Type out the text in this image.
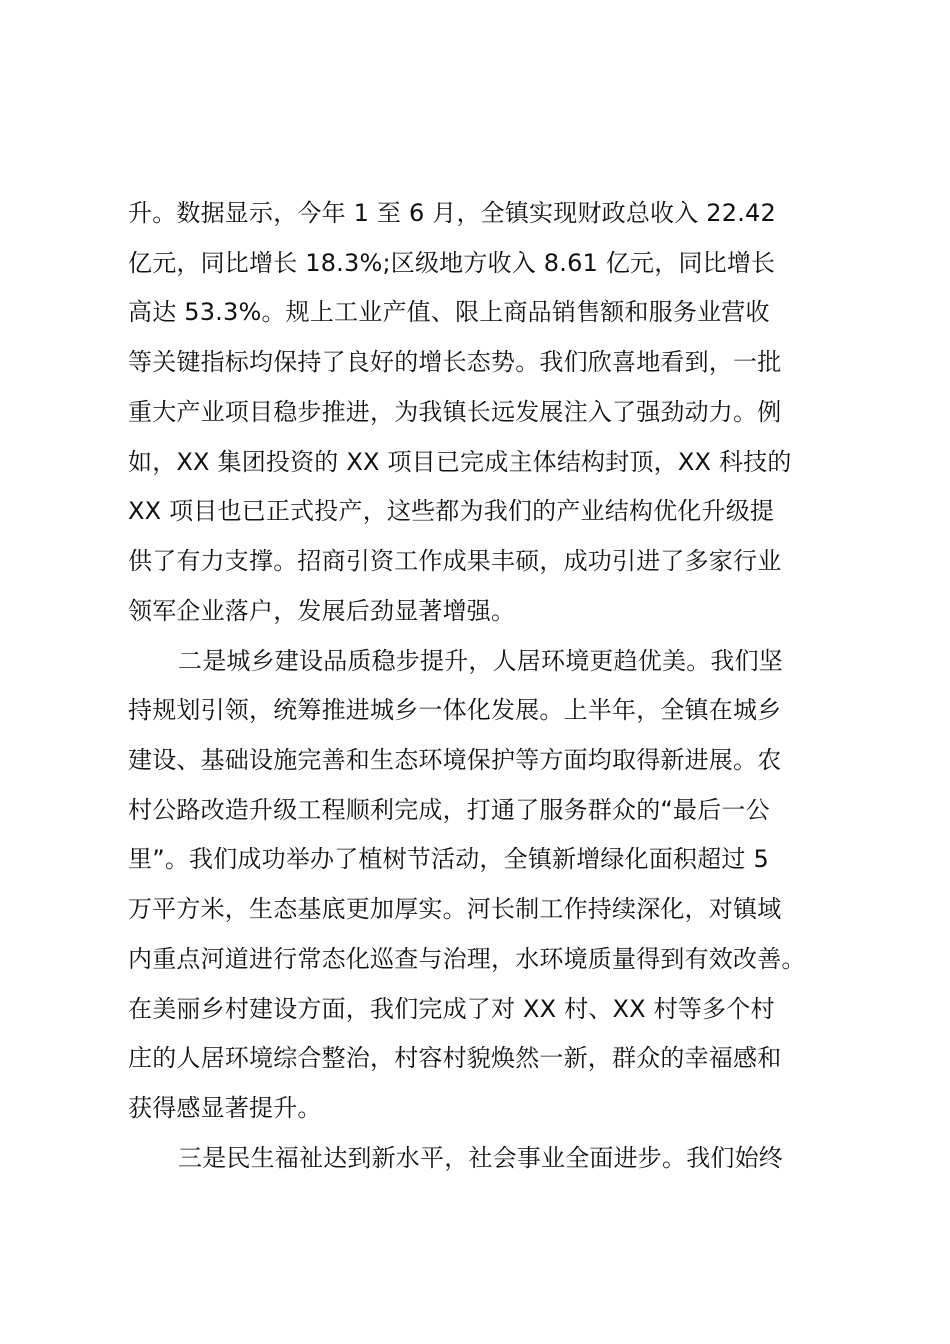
升。数据显示，今年 1 至 6 月，全镇实现财政总收入 22.42
亿元，同比增长 18.3%;区级地方收入 8.61 亿元，同比增长
高达 53.3%。规上工业产值、限上商品销售额和服务业营收
等关键指标均保持了良好的增长态势。我们欣喜地看到，一批
重大产业项目稳步推进，为我镇长远发展注入了强劲动力。例
如，XX 集团投资的 XX 项目已完成主体结构封顶，XX 科技的
XX 项目也已正式投产，这些都为我们的产业结构优化升级提
供了有力支撑。招商引资工作成果丰硕，成功引进了多家行业
领军企业落户，发展后劲显著增强。
二是城乡建设品质稳步提升，人居环境更趋优美。我们坚
持规划引领，统筹推进城乡一体化发展。上半年，全镇在城乡
建设、基础设施完善和生态环境保护等方面均取得新进展。农
村公路改造升级工程顺利完成，打通了服务群众的“最后一公
里”。我们成功举办了植树节活动，全镇新增绿化面积超过 5
万平方米，生态基底更加厚实。河长制工作持续深化，对镇域
内重点河道进行常态化巡查与治理，水环境质量得到有效改善。
在美丽乡村建设方面，我们完成了对 XX 村、XX 村等多个村
庄的人居环境综合整治，村容村貌焕然一新，群众的幸福感和
获得感显著提升。
三是民生福祉达到新水平，社会事业全面进步。我们始终
